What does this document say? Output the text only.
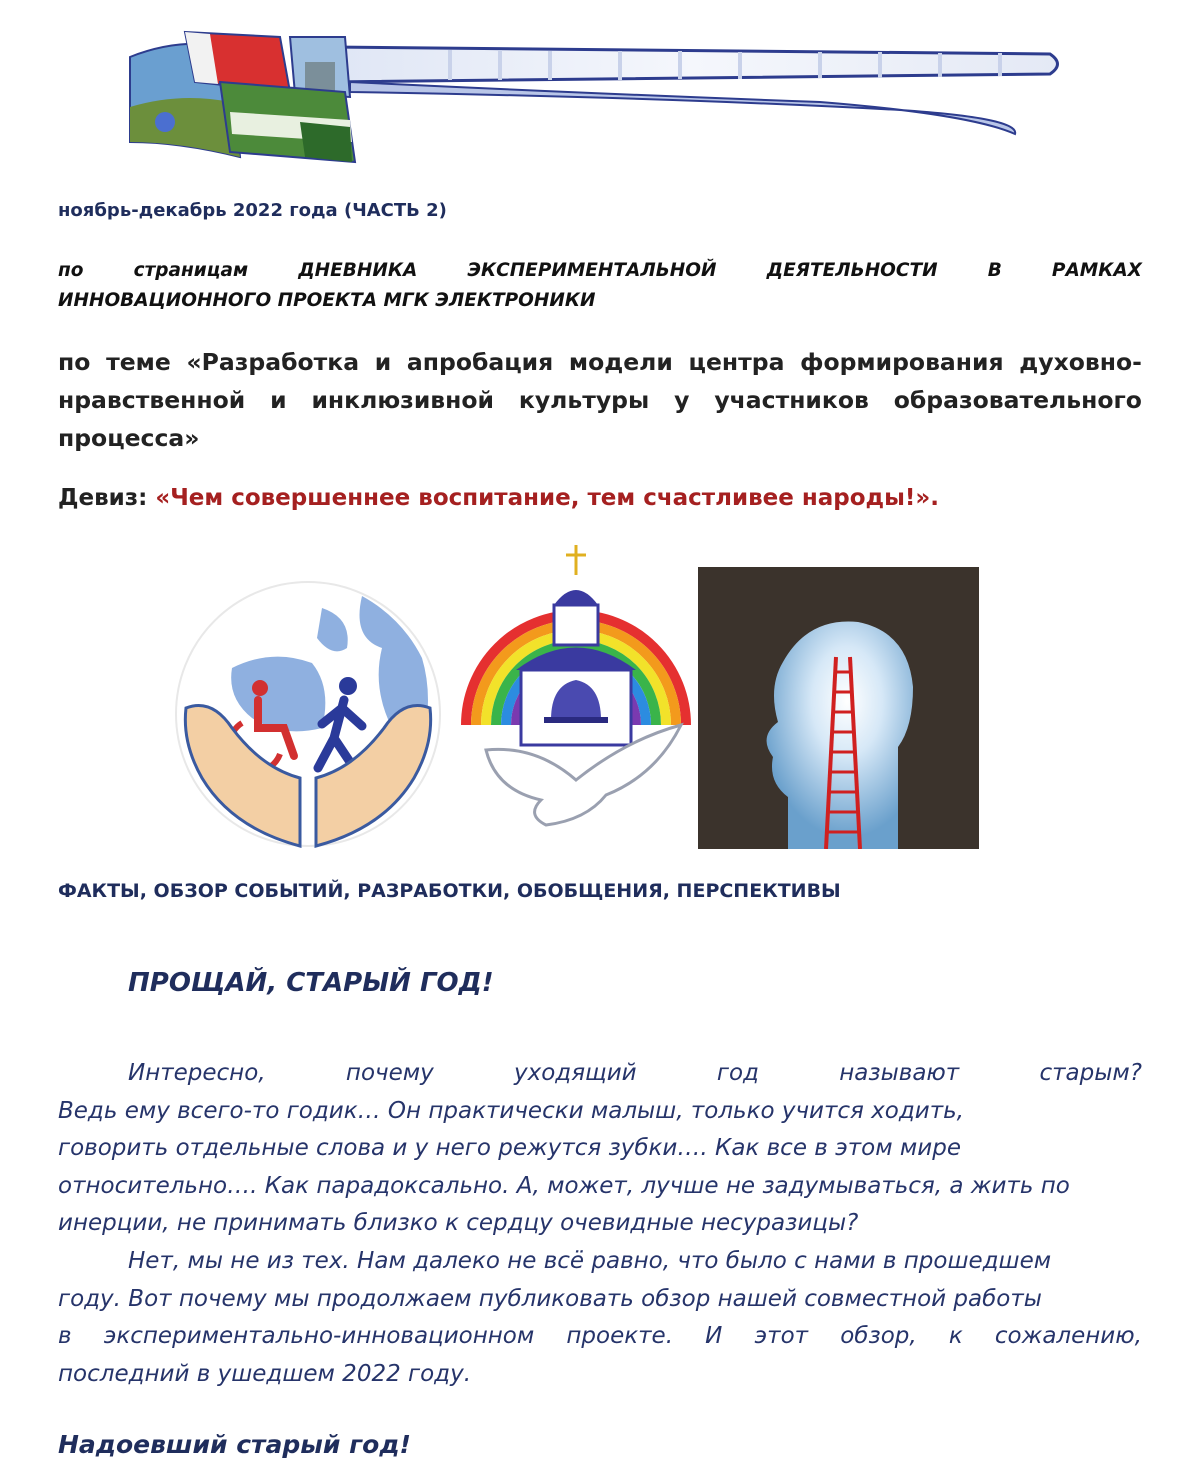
ноябрь-декабрь 2022 года (ЧАСТЬ 2)
по	страницам	ДНЕВНИКА	ЭКСПЕРИМЕНТАЛЬНОЙ	ДЕЯТЕЛЬНОСТИ	В	РАМКАХ
ИННОВАЦИОННОГО ПРОЕКТА МГК ЭЛЕКТРОНИКИ
по теме «Разработка и апробация модели центра формирования духовно-
нравственной и инклюзивной культуры у участников образовательного
процесса»
Девиз: «Чем совершеннее воспитание, тем счастливее народы!».
ФАКТЫ, ОБЗОР СОБЫТИЙ, РАЗРАБОТКИ, ОБОБЩЕНИЯ, ПЕРСПЕКТИВЫ
ПРОЩАЙ, СТАРЫЙ ГОД!
Интересно,	почему	уходящий	год	называют	старым?
Ведь ему всего-то годик… Он практически малыш, только учится ходить,
говорить отдельные слова и у него режутся зубки…. Как все в этом мире
относительно…. Как парадоксально. А, может, лучше не задумываться, а жить по
инерции, не принимать близко к сердцу очевидные несуразицы?
Нет, мы не из тех. Нам далеко не всё равно, что было с нами в прошедшем
году. Вот почему мы продолжаем публиковать обзор нашей совместной работы
в экспериментально-инновационном проекте. И этот обзор, к сожалению,
последний в ушедшем 2022 году.
Надоевший старый год!
